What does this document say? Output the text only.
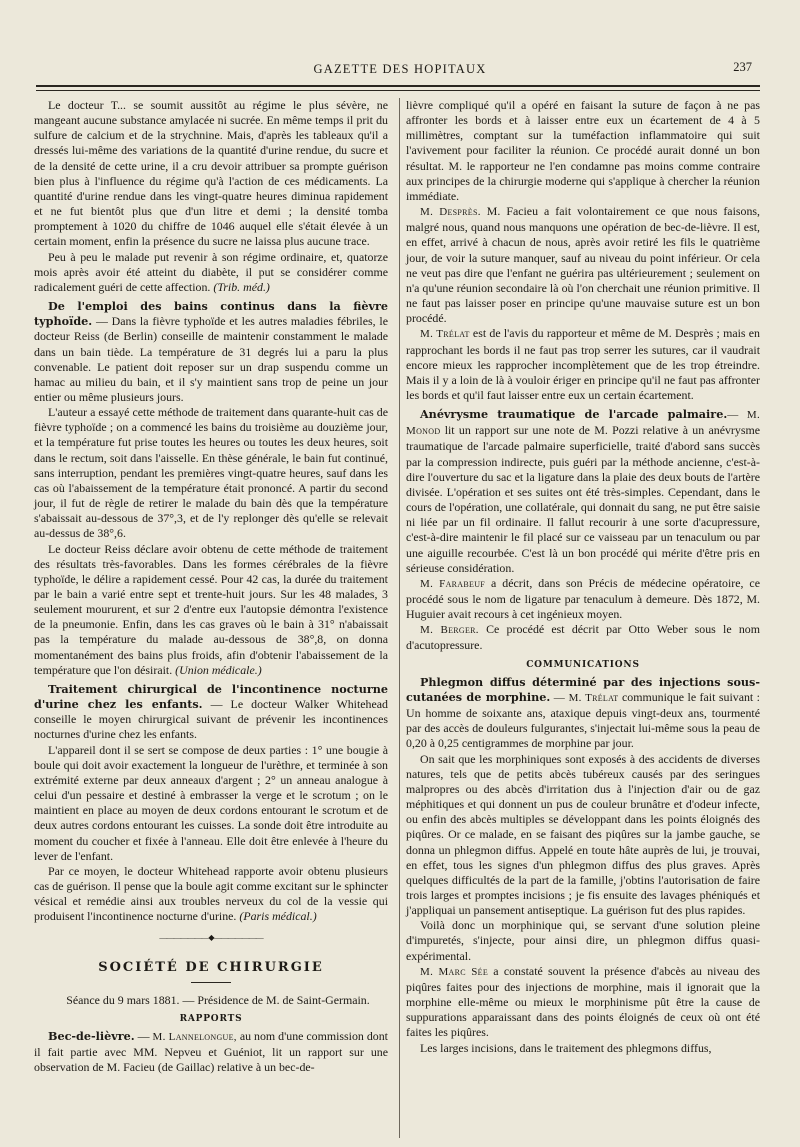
GAZETTE DES HOPITAUX	237

Le docteur T... se soumit aussitôt au régime le plus sévère, ne mangeant aucune substance amylacée ni sucrée. En même temps il prit du sulfure de calcium et de la strychnine. Mais, d'après les tableaux qu'il a dressés lui-même des variations de la quantité d'urine rendue, du sucre et de la densité de cette urine, il a cru devoir attribuer sa prompte guérison bien plus à l'influence du régime qu'à l'action de ces médicaments. La quantité d'urine rendue dans les vingt-quatre heures diminua rapidement et ne fut bientôt plus que d'un litre et demi ; la densité tomba promptement à 1020 du chiffre de 1046 auquel elle s'était élevée à un certain moment, enfin la présence du sucre ne laissa plus aucune trace.

Peu à peu le malade put revenir à son régime ordinaire, et, quatorze mois après avoir été atteint du diabète, il put se considérer comme radicalement guéri de cette affection. (Trib. méd.)

De l'emploi des bains continus dans la fièvre typhoïde. — Dans la fièvre typhoïde et les autres maladies fébriles, le docteur Reiss (de Berlin) conseille de maintenir constamment le malade dans un bain tiède. La température de 31 degrés lui a paru la plus convenable. Le patient doit reposer sur un drap suspendu comme un hamac au milieu du bain, et il s'y maintient sans trop de peine un jour entier ou même plusieurs jours.

L'auteur a essayé cette méthode de traitement dans quarante-huit cas de fièvre typhoïde ; on a commencé les bains du troisième au douzième jour, et la température fut prise toutes les heures ou toutes les deux heures, soit dans le rectum, soit dans l'aisselle. En thèse générale, le bain fut continué, sans interruption, pendant les premières vingt-quatre heures, sauf dans les cas où l'abaissement de la température était prononcé. A partir du second jour, il fut de règle de retirer le malade du bain dès que la température s'abaissait au-dessous de 37°,3, et de l'y replonger dès qu'elle se relevait au-dessus de 38°,6.

Le docteur Reiss déclare avoir obtenu de cette méthode de traitement des résultats très-favorables. Dans les formes cérébrales de la fièvre typhoïde, le délire a rapidement cessé. Pour 42 cas, la durée du traitement par le bain a varié entre sept et trente-huit jours. Sur les 48 malades, 3 seulement moururent, et sur 2 d'entre eux l'autopsie démontra l'existence de la pneumonie. Enfin, dans les cas graves où le bain à 31° n'abaissait pas la température du malade au-dessous de 38°,8, on donna momentanément des bains plus froids, afin d'obtenir l'abaissement de la température que l'on désirait. (Union médicale.)

Traitement chirurgical de l'incontinence nocturne d'urine chez les enfants. — Le docteur Walker Whitehead conseille le moyen chirurgical suivant de prévenir les incontinences nocturnes d'urine chez les enfants.

L'appareil dont il se sert se compose de deux parties : 1° une bougie à boule qui doit avoir exactement la longueur de l'urèthre, et terminée à son extrémité externe par deux anneaux d'argent ; 2° un anneau analogue à celui d'un pessaire et destiné à embrasser la verge et le scrotum ; on le maintient en place au moyen de deux cordons entourant le scrotum et de deux autres cordons entourant les cuisses. La sonde doit être introduite au moment du coucher et fixée à l'anneau. Elle doit être enlevée à l'heure du lever de l'enfant.

Par ce moyen, le docteur Whitehead rapporte avoir obtenu plusieurs cas de guérison. Il pense que la boule agit comme excitant sur le sphincter vésical et remédie ainsi aux troubles nerveux du col de la vessie qui produisent l'incontinence nocturne d'urine. (Paris médical.)

———————◆———————
SOCIÉTÉ DE CHIRURGIE

Séance du 9 mars 1881. — Présidence de M. de Saint-Germain.

RAPPORTS

Bec-de-lièvre. — M. Lannelongue, au nom d'une commission dont il fait partie avec MM. Nepveu et Guéniot, lit un rapport sur une observation de M. Facieu (de Gaillac) relative à un bec-de-

lièvre compliqué qu'il a opéré en faisant la suture de façon à ne pas affronter les bords et à laisser entre eux un écartement de 4 à 5 millimètres, comptant sur la tuméfaction inflammatoire qui suit l'avivement pour faciliter la réunion. Ce procédé aurait donné un bon résultat. M. le rapporteur ne l'en condamne pas moins comme contraire aux principes de la chirurgie moderne qui s'applique à chercher la réunion immédiate.

M. Desprès. M. Facieu a fait volontairement ce que nous faisons, malgré nous, quand nous manquons une opération de bec-de-lièvre. Il est, en effet, arrivé à chacun de nous, après avoir retiré les fils le quatrième jour, de voir la suture manquer, sauf au niveau du point inférieur. Or cela ne veut pas dire que l'enfant ne guérira pas ultérieurement ; seulement on n'a qu'une réunion secondaire là où l'on cherchait une réunion primitive. Il ne faut pas laisser poser en principe qu'une mauvaise suture est un bon procédé.

M. Trélat est de l'avis du rapporteur et même de M. Desprès ; mais en rapprochant les bords il ne faut pas trop serrer les sutures, car il vaudrait encore mieux les rapprocher incomplètement que de les trop étreindre. Mais il y a loin de là à vouloir ériger en principe qu'il ne faut pas affronter les bords et qu'il faut laisser entre eux un certain écartement.

Anévrysme traumatique de l'arcade palmaire.— M. Monod lit un rapport sur une note de M. Pozzi relative à un anévrysme traumatique de l'arcade palmaire superficielle, traité d'abord sans succès par la compression indirecte, puis guéri par la méthode ancienne, c'est-à-dire l'ouverture du sac et la ligature dans la plaie des deux bouts de l'artère divisée. L'opération et ses suites ont été très-simples. Cependant, dans le cours de l'opération, une collatérale, qui donnait du sang, ne put être saisie ni liée par un fil ordinaire. Il fallut recourir à une sorte d'acupressure, c'est-à-dire maintenir le fil placé sur ce vaisseau par un tenaculum ou par une aiguille recourbée. C'est là un bon procédé qui mérite d'être pris en sérieuse considération.

M. Farabeuf a décrit, dans son Précis de médecine opératoire, ce procédé sous le nom de ligature par tenaculum à demeure. Dès 1872, M. Huguier avait recours à cet ingénieux moyen.

M. Berger. Ce procédé est décrit par Otto Weber sous le nom d'acutopressure.

COMMUNICATIONS

Phlegmon diffus déterminé par des injections sous-cutanées de morphine. — M. Trélat communique le fait suivant : Un homme de soixante ans, ataxique depuis vingt-deux ans, tourmenté par des accès de douleurs fulgurantes, s'injectait lui-même sous la peau de 0,20 à 0,25 centigrammes de morphine par jour.

On sait que les morphiniques sont exposés à des accidents de diverses natures, tels que de petits abcès tubéreux causés par des seringues malpropres ou des abcès d'irritation dus à l'injection d'air ou de gaz méphitiques et qui donnent un pus de couleur brunâtre et d'odeur infecte, ou enfin des abcès multiples se développant dans les points éloignés des piqûres. Or ce malade, en se faisant des piqûres sur la jambe gauche, se donna un phlegmon diffus. Appelé en toute hâte auprès de lui, je trouvai, en effet, tous les signes d'un phlegmon diffus des plus graves. Après quelques difficultés de la part de la famille, j'obtins l'autorisation de faire trois larges et promptes incisions ; je fis ensuite des lavages phéniqués et j'appliquai un pansement antiseptique. La guérison fut des plus rapides.

Voilà donc un morphinique qui, se servant d'une solution pleine d'impuretés, s'injecte, pour ainsi dire, un phlegmon diffus quasi-expérimental.

M. Marc Sée a constaté souvent la présence d'abcès au niveau des piqûres faites pour des injections de morphine, mais il ignorait que la morphine elle-même ou mieux le morphinisme pût être la cause de suppurations apparaissant dans des points éloignés de ceux où ont été faites les piqûres.

Les larges incisions, dans le traitement des phlegmons diffus,
